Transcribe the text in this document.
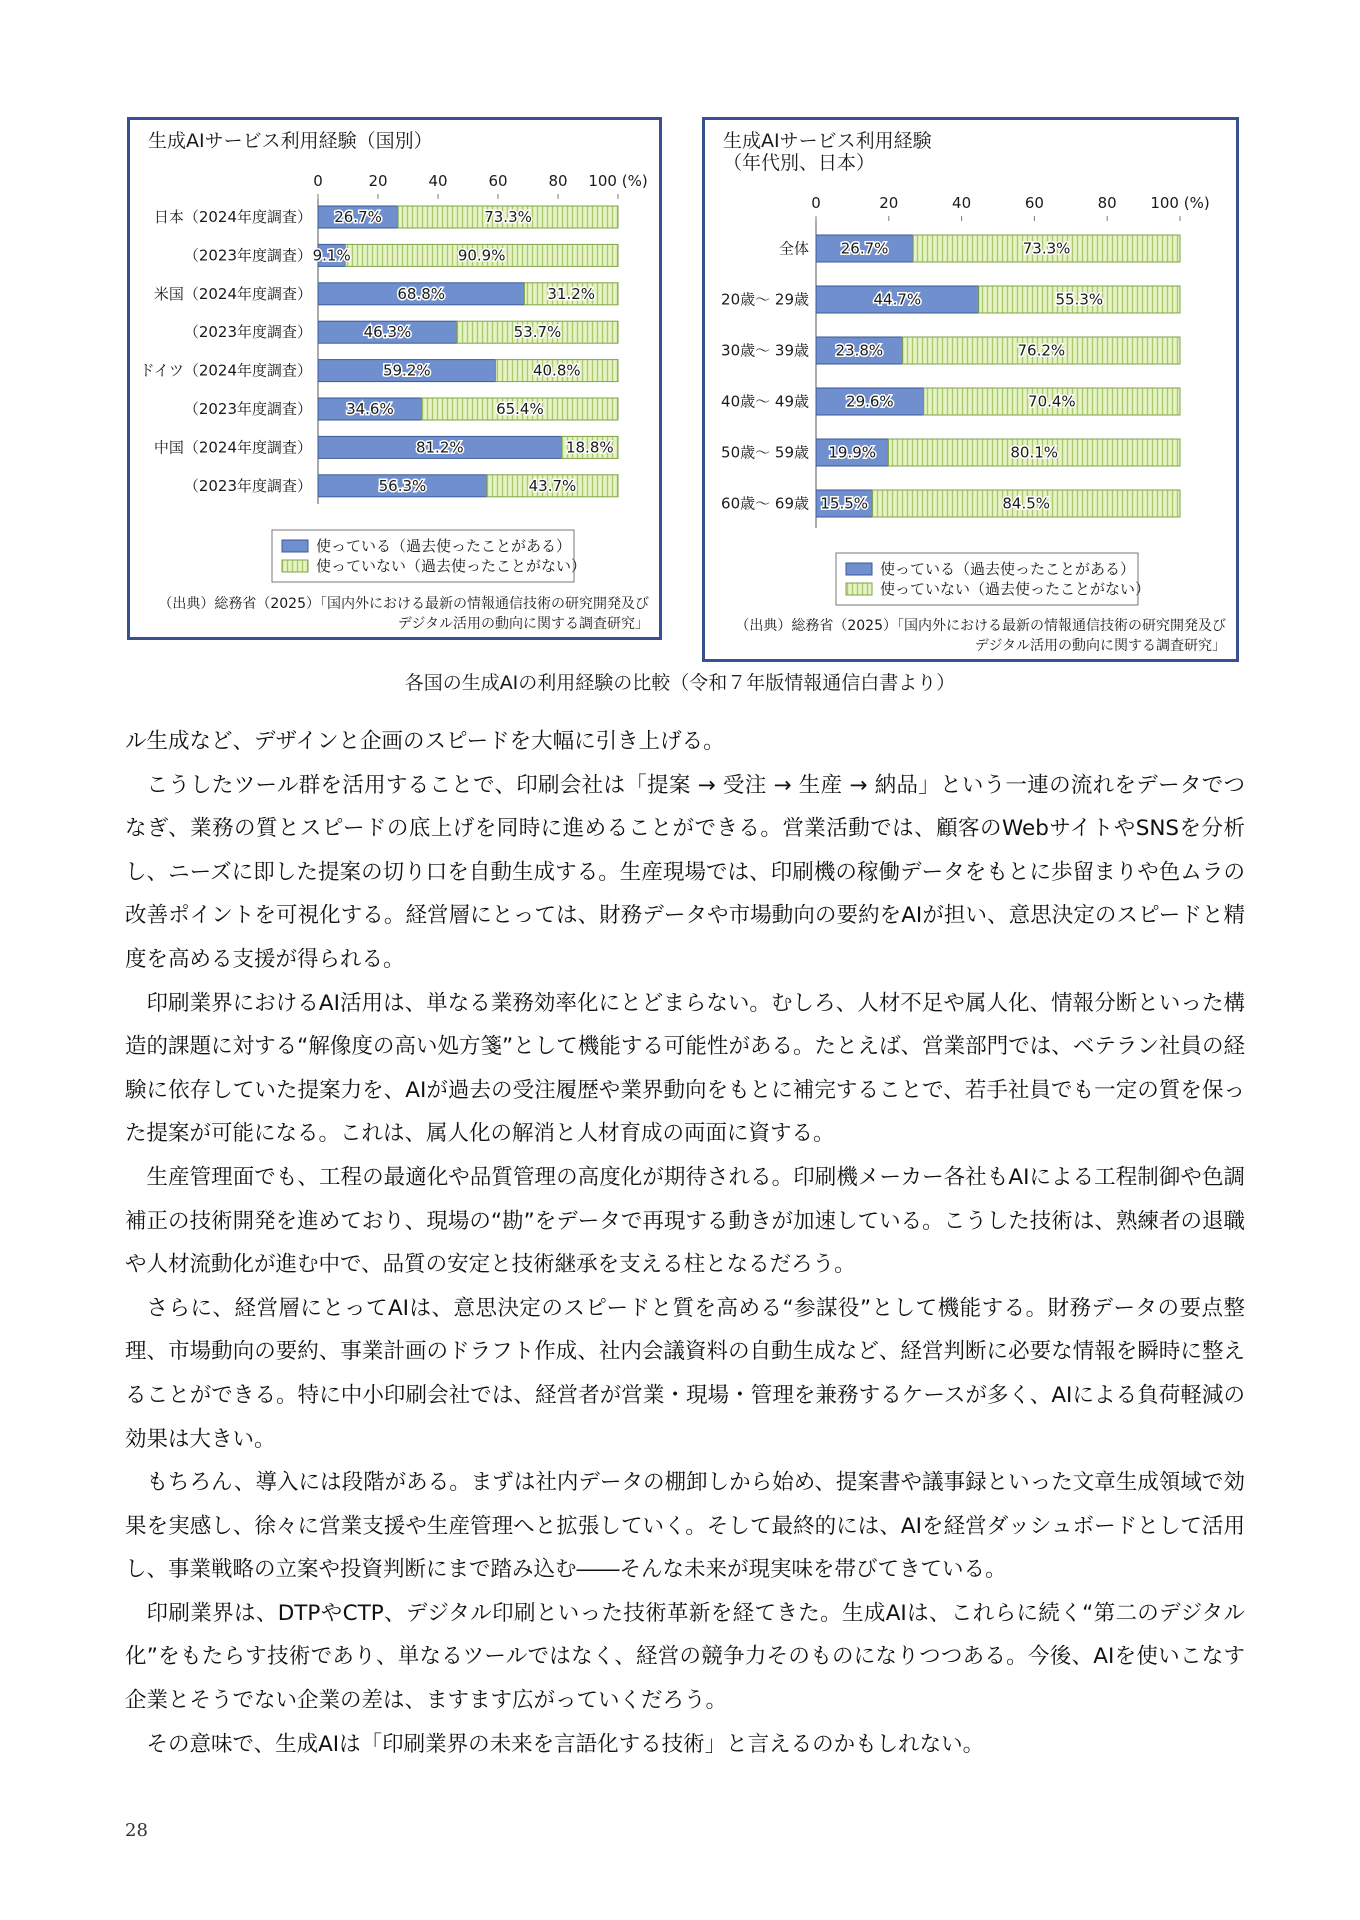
生成AIサービス利用経験（国別）
0	20	40	60	80 100 (%)
日本（2024年度調査） 26.7%	73.3%
（2023年度調査） 9.1%	90.9%
米国（2024年度調査）	68.8%	31.2%
（2023年度調査）	46.3%	53.7%
ドイツ（2024年度調査）	59.2%	40.8%
（2023年度調査） 34.6%	65.4%
中国（2024年度調査）	81.2%	18.8%
（2023年度調査）	56.3%	43.7%
使っている（過去使ったことがある）
使っていない（過去使ったことがない）
（出典）総務省（2025）「国内外における最新の情報通信技術の研究開発及び
デジタル活用の動向に関する調査研究」
生成AIサービス利用経験
（年代別、日本）
0	20	40	60	80 100 (%)
全体 26.7%	73.3%
20歳～ 29歳	44.7%	55.3%
30歳～ 39歳 23.8%	76.2%
40歳～ 49歳 29.6%	70.4%
50歳～ 59歳 19.9%	80.1%
60歳～ 69歳 15.5%	84.5%
使っている（過去使ったことがある）
使っていない（過去使ったことがない）
（出典）総務省（2025）「国内外における最新の情報通信技術の研究開発及び
デジタル活用の動向に関する調査研究」
各国の生成AIの利用経験の比較（令和７年版情報通信白書より）

ル生成など、デザインと企画のスピードを大幅に引き上げる。

こうしたツール群を活用することで、印刷会社は「提案 → 受注 → 生産 → 納品」という一連の流れをデータでつなぎ、業務の質とスピードの底上げを同時に進めることができる。営業活動では、顧客のWebサイトやSNSを分析し、ニーズに即した提案の切り口を自動生成する。生産現場では、印刷機の稼働データをもとに歩留まりや色ムラの改善ポイントを可視化する。経営層にとっては、財務データや市場動向の要約をAIが担い、意思決定のスピードと精度を高める支援が得られる。

印刷業界におけるAI活用は、単なる業務効率化にとどまらない。むしろ、人材不足や属人化、情報分断といった構造的課題に対する“解像度の高い処方箋”として機能する可能性がある。たとえば、営業部門では、ベテラン社員の経験に依存していた提案力を、AIが過去の受注履歴や業界動向をもとに補完することで、若手社員でも一定の質を保った提案が可能になる。これは、属人化の解消と人材育成の両面に資する。

生産管理面でも、工程の最適化や品質管理の高度化が期待される。印刷機メーカー各社もAIによる工程制御や色調補正の技術開発を進めており、現場の“勘”をデータで再現する動きが加速している。こうした技術は、熟練者の退職や人材流動化が進む中で、品質の安定と技術継承を支える柱となるだろう。

さらに、経営層にとってAIは、意思決定のスピードと質を高める“参謀役”として機能する。財務データの要点整理、市場動向の要約、事業計画のドラフト作成、社内会議資料の自動生成など、経営判断に必要な情報を瞬時に整えることができる。特に中小印刷会社では、経営者が営業・現場・管理を兼務するケースが多く、AIによる負荷軽減の効果は大きい。

もちろん、導入には段階がある。まずは社内データの棚卸しから始め、提案書や議事録といった文章生成領域で効果を実感し、徐々に営業支援や生産管理へと拡張していく。そして最終的には、AIを経営ダッシュボードとして活用し、事業戦略の立案や投資判断にまで踏み込む――そんな未来が現実味を帯びてきている。

印刷業界は、DTPやCTP、デジタル印刷といった技術革新を経てきた。生成AIは、これらに続く“第二のデジタル化”をもたらす技術であり、単なるツールではなく、経営の競争力そのものになりつつある。今後、AIを使いこなす企業とそうでない企業の差は、ますます広がっていくだろう。

その意味で、生成AIは「印刷業界の未来を言語化する技術」と言えるのかもしれない。

28
